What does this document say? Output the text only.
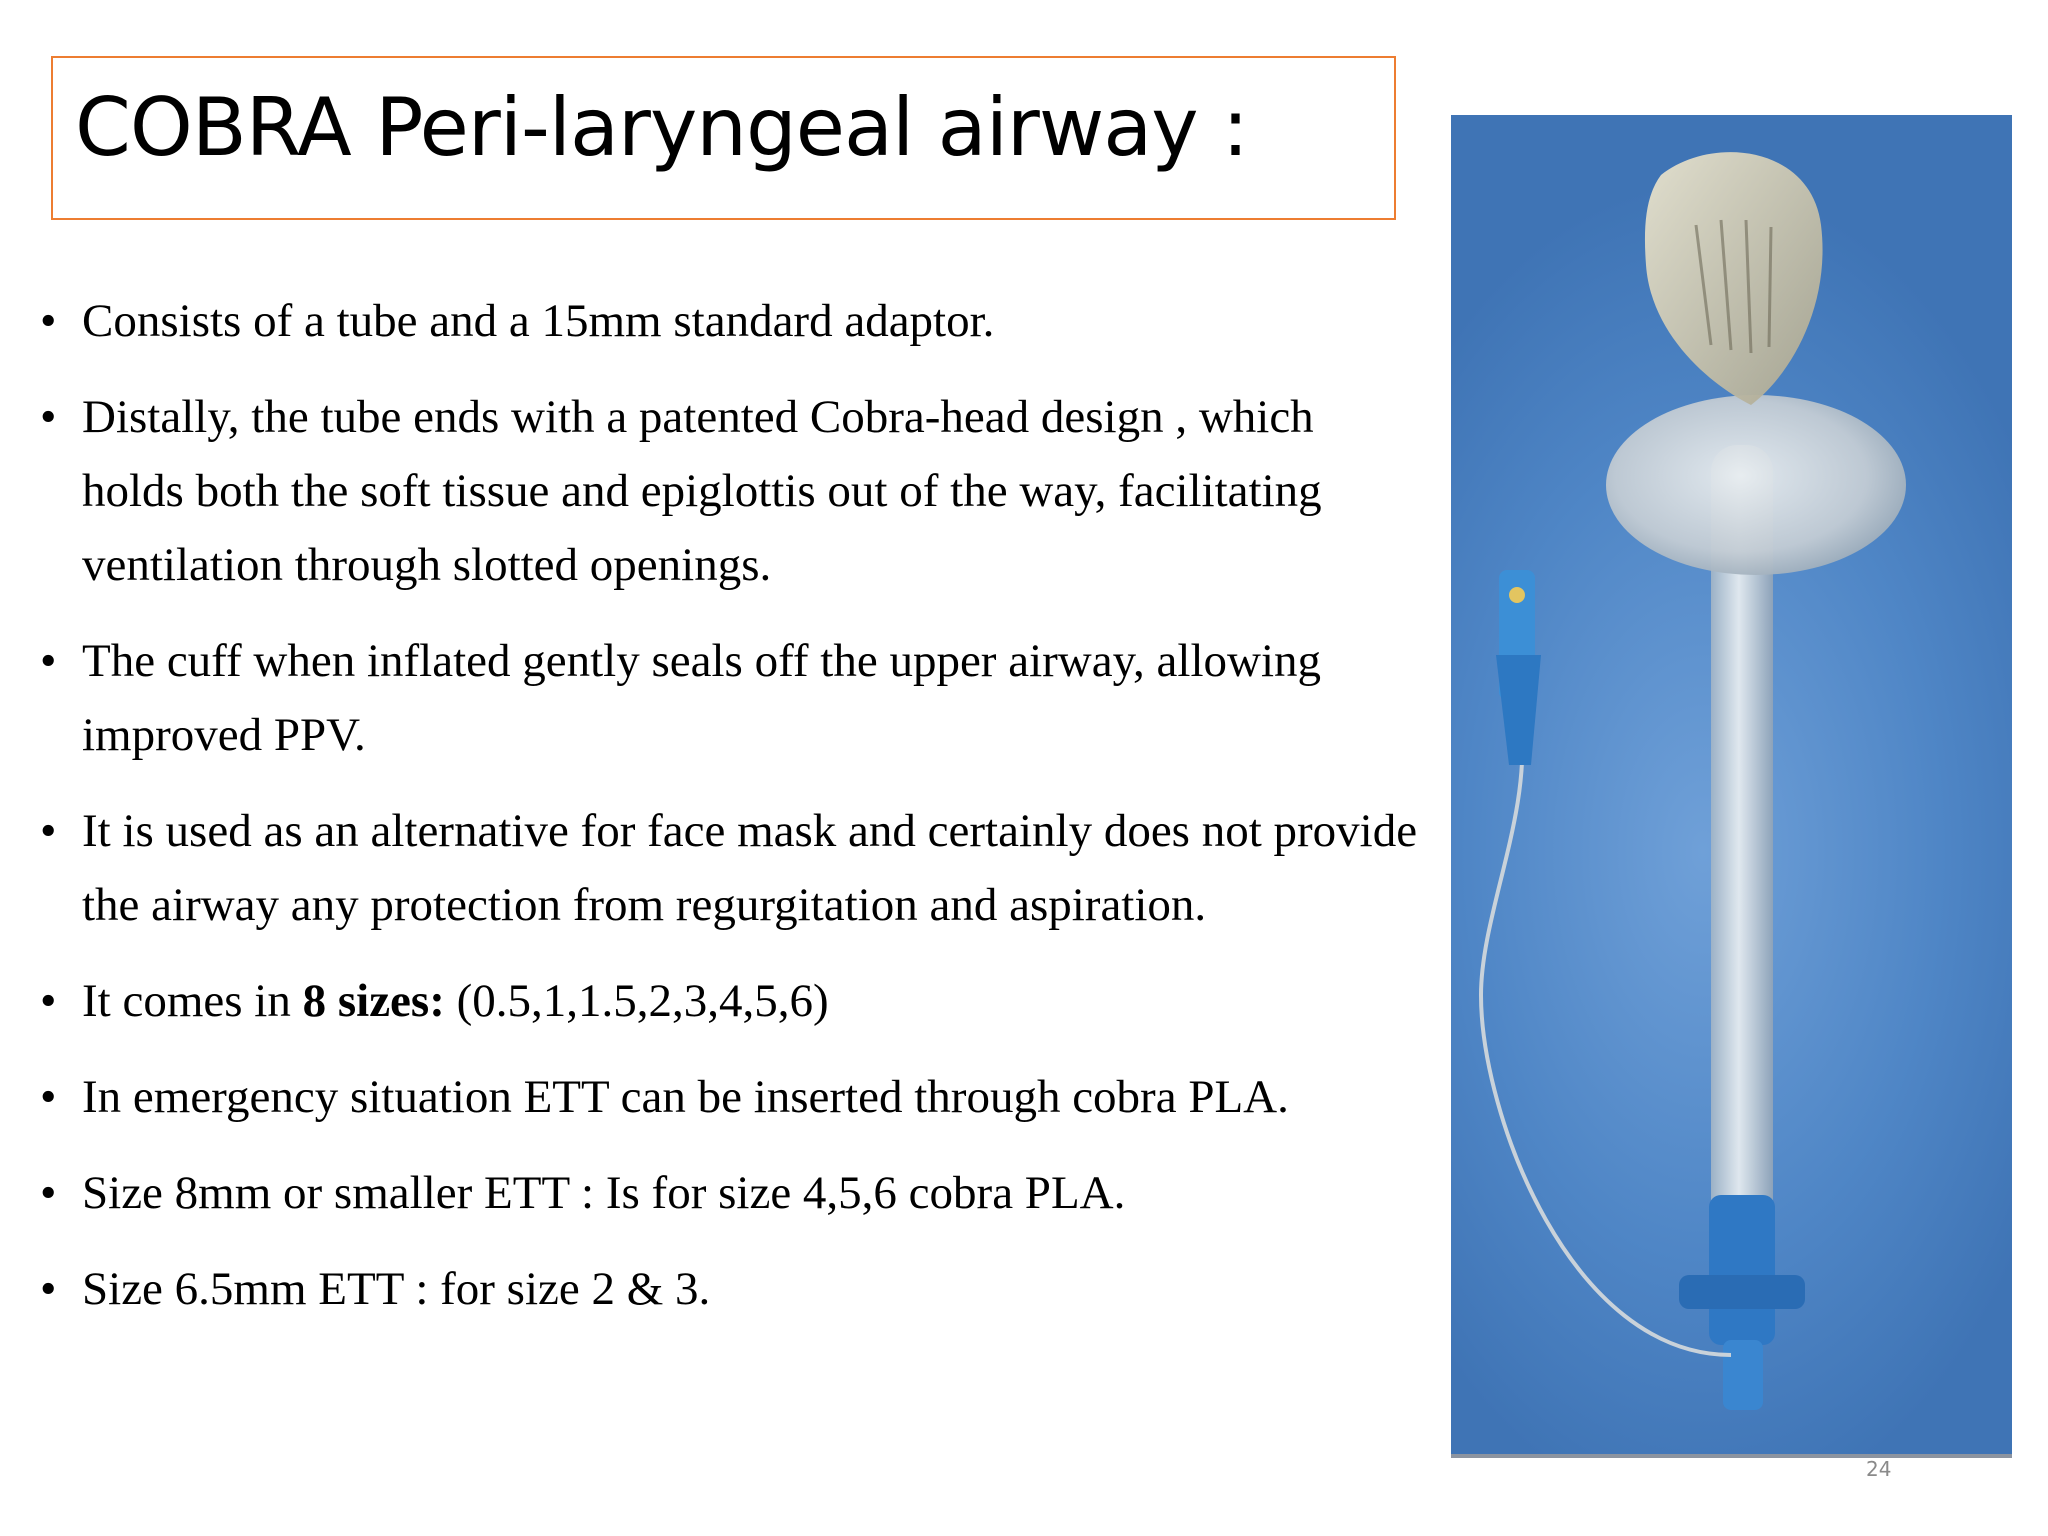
COBRA Peri-laryngeal airway :
• Consists of a tube and a 15mm standard adaptor.
• Distally, the tube ends with a patented Cobra-head design , which holds both the soft tissue and epiglottis out of the way, facilitating ventilation through slotted openings.
• The cuff when inflated gently seals off the upper airway, allowing improved PPV.
• It is used as an alternative for face mask and certainly does not provide the airway any protection from regurgitation and aspiration.
• It comes in 8 sizes: (0.5,1,1.5,2,3,4,5,6)
• In emergency situation ETT can be inserted through cobra PLA.
• Size 8mm or smaller ETT : Is for size 4,5,6 cobra PLA.
• Size 6.5mm ETT : for size 2 & 3.
24
